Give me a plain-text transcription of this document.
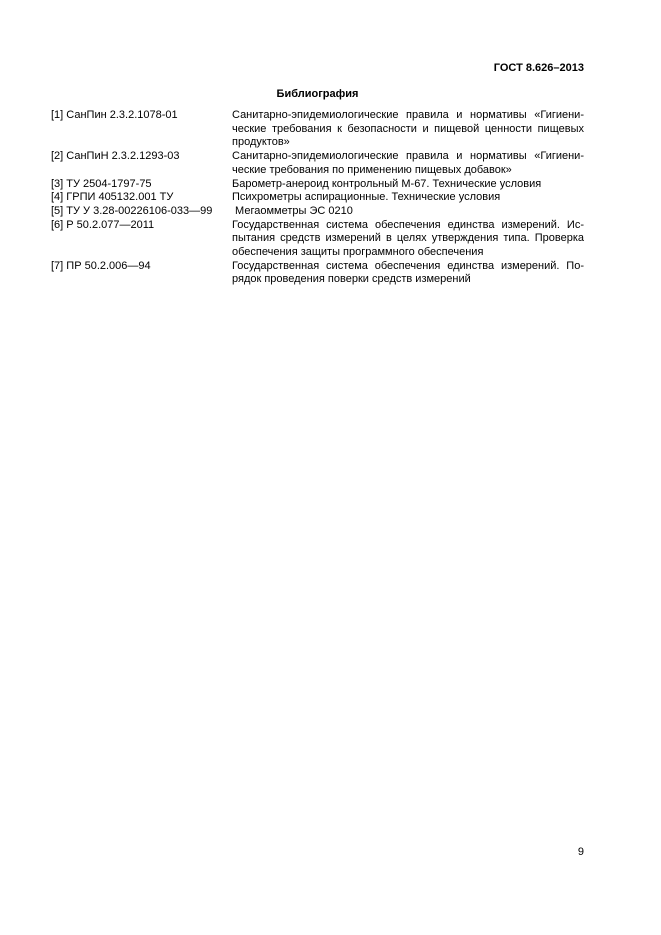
ГОСТ 8.626–2013
Библиография
[1] СанПин 2.3.2.1078-01	Санитарно-эпидемиологические правила и нормативы «Гигиени-
ческие требования к безопасности и пищевой ценности пищевых
продуктов»
[2] СанПиН 2.3.2.1293-03	Санитарно-эпидемиологические правила и нормативы «Гигиени-
ческие требования по применению пищевых добавок»
[3] ТУ 2504-1797-75	Барометр-анероид контрольный М-67. Технические условия
[4] ГРПИ 405132.001 ТУ	Психрометры аспирационные. Технические условия
[5] ТУ У 3.28-00226106-033—99	Мегаомметры ЭС 0210
[6] Р 50.2.077—2011	Государственная система обеспечения единства измерений. Ис-
пытания средств измерений в целях утверждения типа. Проверка
обеспечения защиты программного обеспечения
[7] ПР 50.2.006—94	Государственная система обеспечения единства измерений. По-
рядок проведения поверки средств измерений
9
